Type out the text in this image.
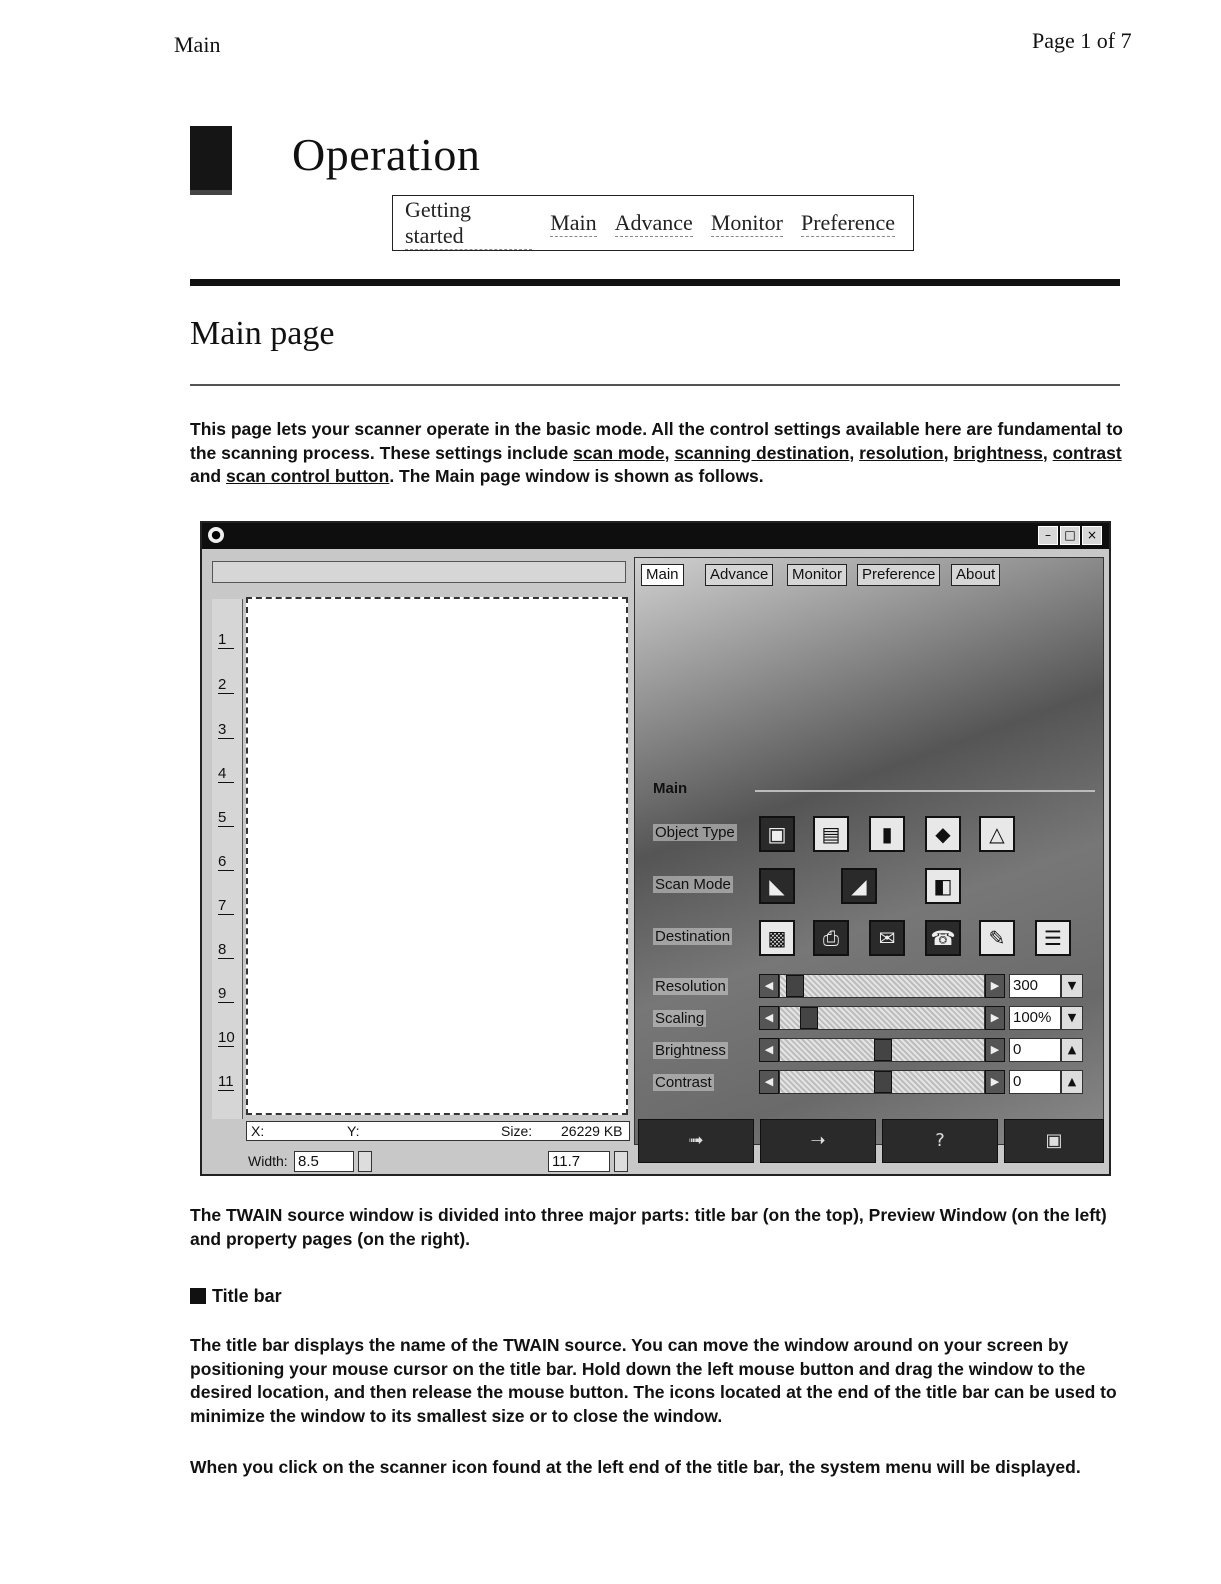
Main	Page 1 of 7
Operation
Getting started
Main Advance Monitor Preference
Main page
This page lets your scanner operate in the basic mode. All the control settings available here are fundamental to the scanning process. These settings include scan mode, scanning destination, resolution, brightness, contrast and scan control button. The Main page window is shown as follows.
●	–	□ ×
1
2
3
4
5
6
7
8
9
10
11
X:	Y:	Size: 26229 KB
Width: 8.5	11.7
Main	Advance	Monitor	Preference	About
Main
Object Type	▣	▤	▮	◆	△
Scan Mode	◣	◢	◧
Destination	▩	⎙	✉	☎	✎	☰
Resolution	◀	▶ 300	▼
Scaling	◀	▶ 100%	▼
Brightness	◀	▶ 0	▲
Contrast	◀	▶ 0	▲
➟	➝	?	▣
The TWAIN source window is divided into three major parts: title bar (on the top), Preview Window (on the left) and property pages (on the right).
Title bar
The title bar displays the name of the TWAIN source. You can move the window around on your screen by positioning your mouse cursor on the title bar. Hold down the left mouse button and drag the window to the desired location, and then release the mouse button. The icons located at the end of the title bar can be used to minimize the window to its smallest size or to close the window.
When you click on the scanner icon found at the left end of the title bar, the system menu will be displayed.
